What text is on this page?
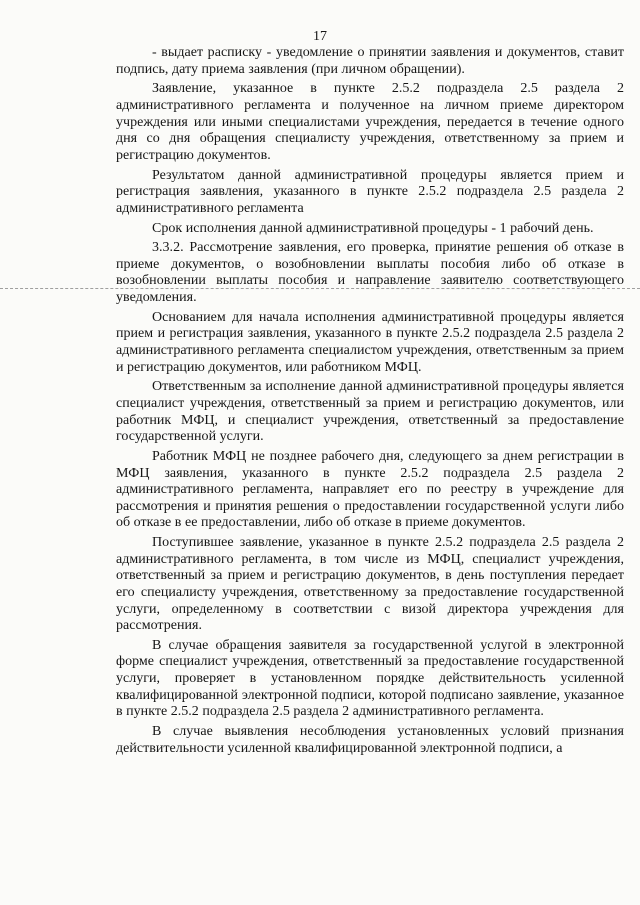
17

- выдает расписку - уведомление о принятии заявления и документов, ставит подпись, дату приема заявления (при личном обращении).

Заявление, указанное в пункте 2.5.2 подраздела 2.5 раздела 2 административного регламента и полученное на личном приеме директором учреждения или иными специалистами учреждения, передается в течение одного дня со дня обращения специалисту учреждения, ответственному за прием и регистрацию документов.

Результатом данной административной процедуры является прием и регистрация заявления, указанного в пункте 2.5.2 подраздела 2.5 раздела 2 административного регламента

Срок исполнения данной административной процедуры - 1 рабочий день.

3.3.2. Рассмотрение заявления, его проверка, принятие решения об отказе в приеме документов, о возобновлении выплаты пособия либо об отказе в возобновлении выплаты пособия и направление заявителю соответствующего уведомления.

Основанием для начала исполнения административной процедуры является прием и регистрация заявления, указанного в пункте 2.5.2 подраздела 2.5 раздела 2 административного регламента специалистом учреждения, ответственным за прием и регистрацию документов, или работником МФЦ.

Ответственным за исполнение данной административной процедуры является специалист учреждения, ответственный за прием и регистрацию документов, или работник МФЦ, и специалист учреждения, ответственный за предоставление государственной услуги.

Работник МФЦ не позднее рабочего дня, следующего за днем регистрации в МФЦ заявления, указанного в пункте 2.5.2 подраздела 2.5 раздела 2 административного регламента, направляет его по реестру в учреждение для рассмотрения и принятия решения о предоставлении государственной услуги либо об отказе в ее предоставлении, либо об отказе в приеме документов.

Поступившее заявление, указанное в пункте 2.5.2 подраздела 2.5 раздела 2 административного регламента, в том числе из МФЦ, специалист учреждения, ответственный за прием и регистрацию документов, в день поступления передает его специалисту учреждения, ответственному за предоставление государственной услуги, определенному в соответствии с визой директора учреждения для рассмотрения.

В случае обращения заявителя за государственной услугой в электронной форме специалист учреждения, ответственный за предоставление государственной услуги, проверяет в установленном порядке действительность усиленной квалифицированной электронной подписи, которой подписано заявление, указанное в пункте 2.5.2 подраздела 2.5 раздела 2 административного регламента.

В случае выявления несоблюдения установленных условий признания действительности усиленной квалифицированной электронной подписи, а
